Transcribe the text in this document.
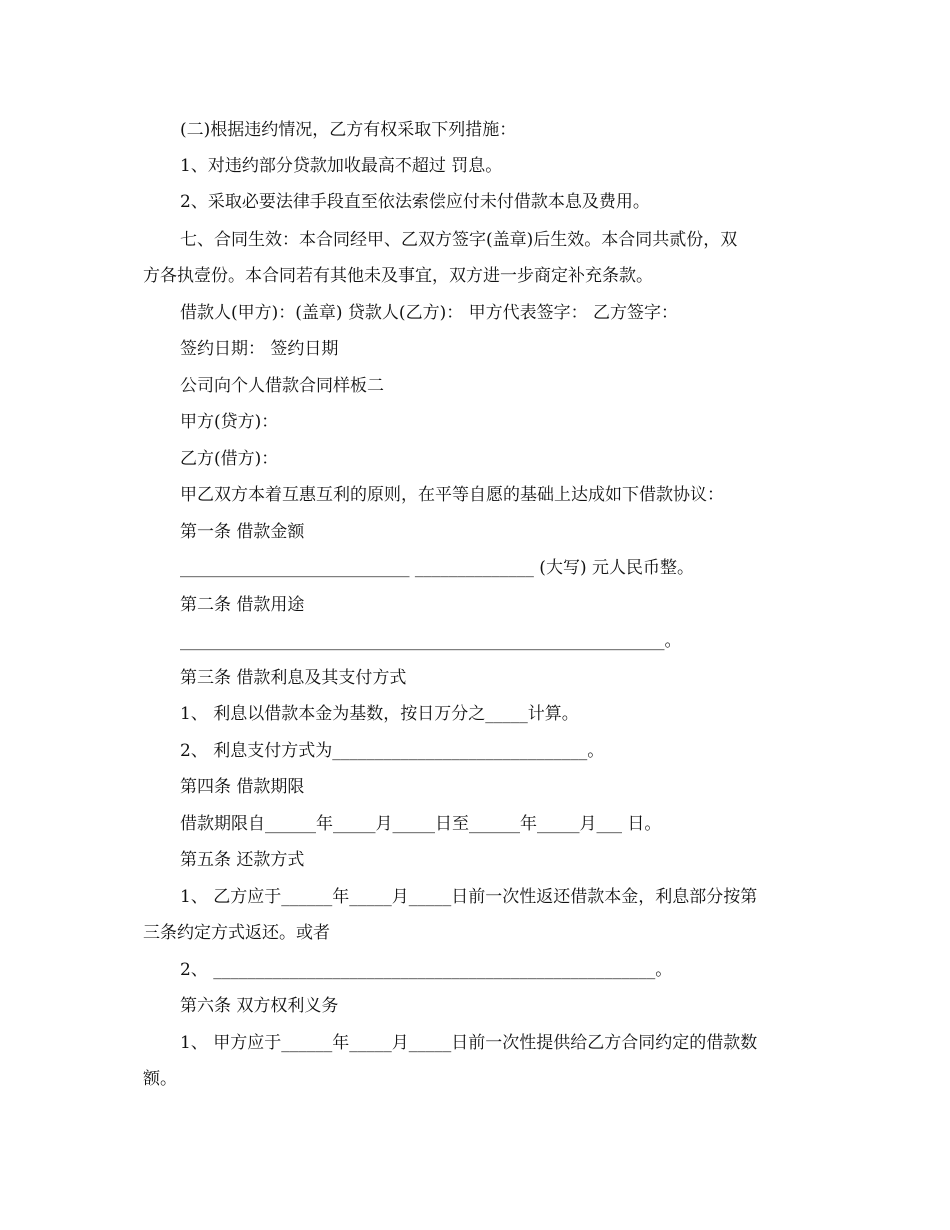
(二)根据违约情况，乙方有权采取下列措施：
1、对违约部分贷款加收最高不超过 罚息。
2、采取必要法律手段直至依法索偿应付未付借款本息及费用。
七、合同生效：本合同经甲、乙双方签字(盖章)后生效。本合同共贰份，双
方各执壹份。本合同若有其他未及事宜，双方进一步商定补充条款。
借款人(甲方)：(盖章) 贷款人(乙方)： 甲方代表签字： 乙方签字：
签约日期： 签约日期
公司向个人借款合同样板二
甲方(贷方)：
乙方(借方)：
甲乙双方本着互惠互利的原则，在平等自愿的基础上达成如下借款协议：
第一条 借款金额
___________________________ ______________ (大写) 元人民币整。
第二条 借款用途
_________________________________________________________。
第三条 借款利息及其支付方式
1、 利息以借款本金为基数，按日万分之_____计算。
2、 利息支付方式为______________________________。
第四条 借款期限
借款期限自______年_____月_____日至______年_____月___ 日。
第五条 还款方式
1、 乙方应于______年_____月_____日前一次性返还借款本金，利息部分按第
三条约定方式返还。或者
2、 ____________________________________________________。
第六条 双方权利义务
1、 甲方应于______年_____月_____日前一次性提供给乙方合同约定的借款数
额。
